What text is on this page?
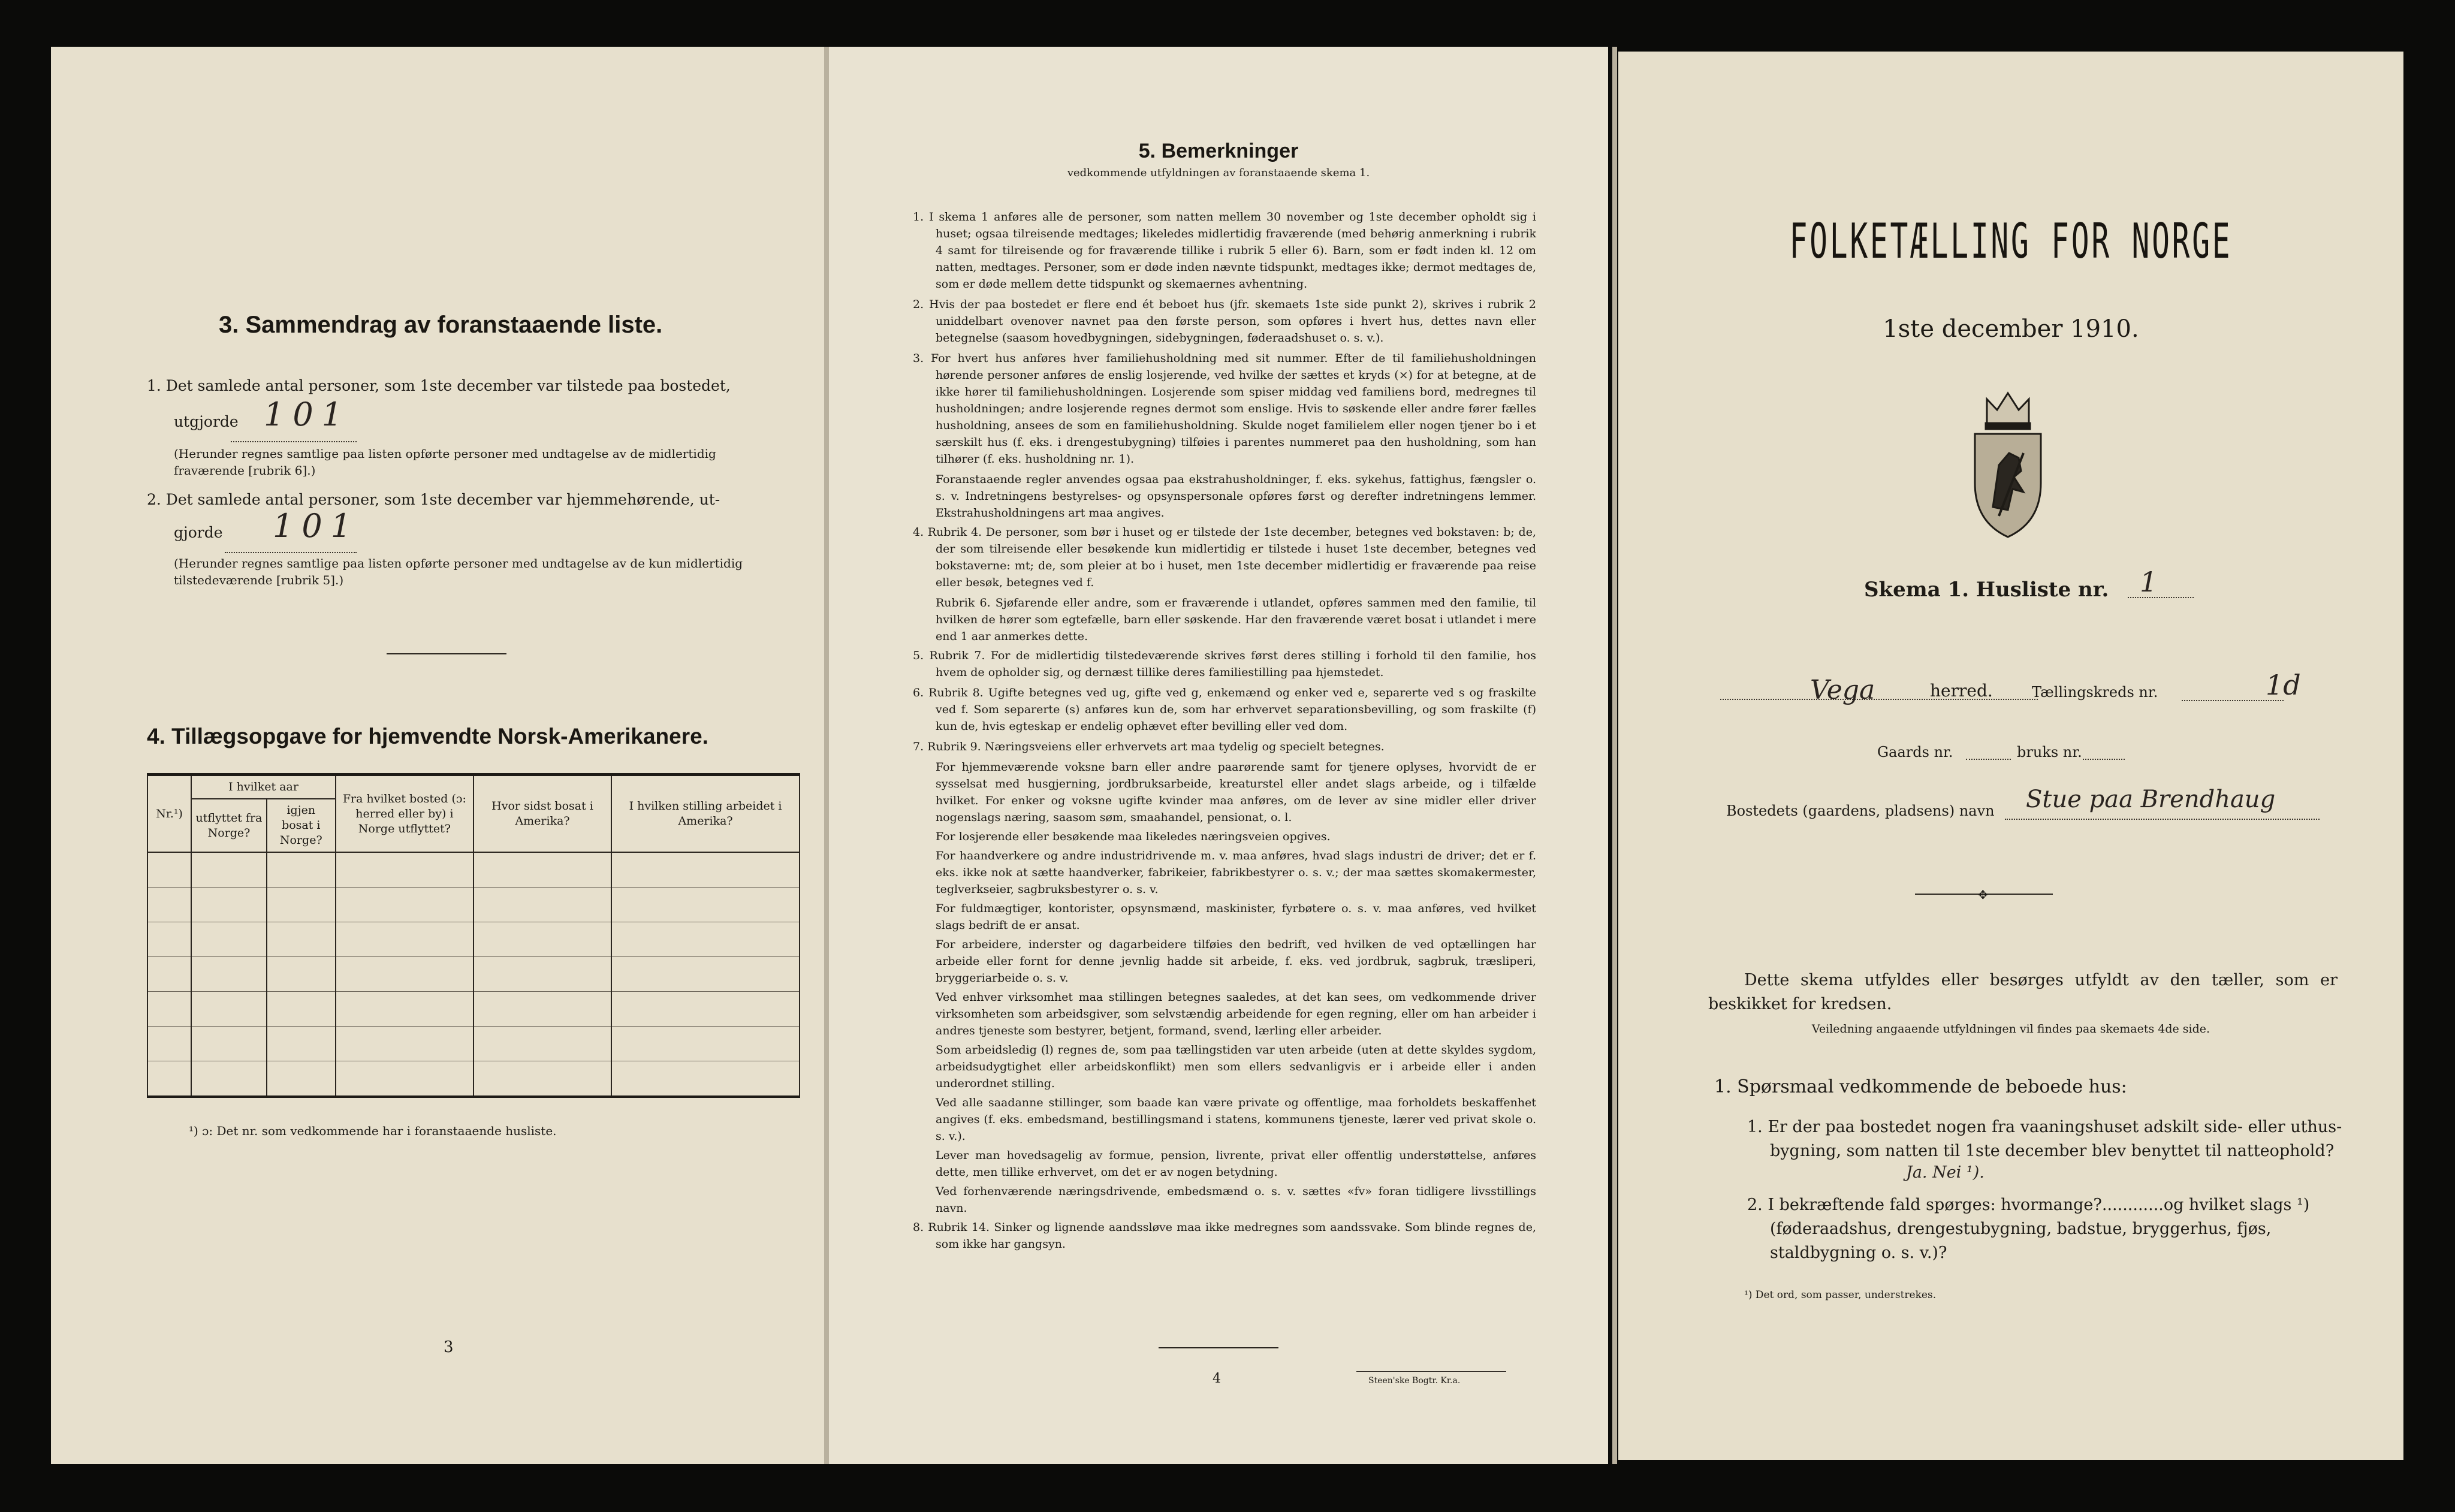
3. Sammendrag av foranstaaende liste.
1. Det samlede antal personer, som 1ste december var tilstede paa bostedet,
utgjorde 101
(Herunder regnes samtlige paa listen opførte personer med undtagelse av de midlertidig fraværende [rubrik 6].)
2. Det samlede antal personer, som 1ste december var hjemmehørende, ut-
gjorde 101
(Herunder regnes samtlige paa listen opførte personer med undtagelse av de kun midlertidig tilstedeværende [rubrik 5].)
4. Tillægsopgave for hjemvendte Norsk-Amerikanere.
Nr.¹)	I hvilket aar		Fra hvilket bosted (ɔ: herred eller by) i Norge utflyttet?	Hvor sidst bosat i Amerika?	I hvilken stilling arbeidet i Amerika?
	utflyttet fra Norge?	igjen bosat i Norge?			

¹) ɔ: Det nr. som vedkommende har i foranstaaende husliste.
3
5. Bemerkninger
vedkommende utfyldningen av foranstaaende skema 1.

1. I skema 1 anføres alle de personer, som natten mellem 30 november og 1ste december opholdt sig i huset; ogsaa tilreisende medtages; likeledes midlertidig fraværende (med behørig anmerkning i rubrik 4 samt for tilreisende og for fraværende tillike i rubrik 5 eller 6). Barn, som er født inden kl. 12 om natten, medtages. Personer, som er døde inden nævnte tidspunkt, medtages ikke; dermot medtages de, som er døde mellem dette tidspunkt og skemaernes avhentning.

2. Hvis der paa bostedet er flere end ét beboet hus (jfr. skemaets 1ste side punkt 2), skrives i rubrik 2 uniddelbart ovenover navnet paa den første person, som opføres i hvert hus, dettes navn eller betegnelse (saasom hovedbygningen, sidebygningen, føderaadshuset o. s. v.).

3. For hvert hus anføres hver familiehusholdning med sit nummer. Efter de til familiehusholdningen hørende personer anføres de enslig losjerende, ved hvilke der sættes et kryds (×) for at betegne, at de ikke hører til familiehusholdningen. Losjerende som spiser middag ved familiens bord, medregnes til husholdningen; andre losjerende regnes dermot som enslige. Hvis to søskende eller andre fører fælles husholdning, ansees de som en familiehusholdning. Skulde noget familielem eller nogen tjener bo i et særskilt hus (f. eks. i drengestubygning) tilføies i parentes nummeret paa den husholdning, som han tilhører (f. eks. husholdning nr. 1).

Foranstaaende regler anvendes ogsaa paa ekstrahusholdninger, f. eks. sykehus, fattighus, fængsler o. s. v. Indretningens bestyrelses- og opsynspersonale opføres først og derefter indretningens lemmer. Ekstrahusholdningens art maa angives.

4. Rubrik 4. De personer, som bør i huset og er tilstede der 1ste december, betegnes ved bokstaven: b; de, der som tilreisende eller besøkende kun midlertidig er tilstede i huset 1ste december, betegnes ved bokstaverne: mt; de, som pleier at bo i huset, men 1ste december midlertidig er fraværende paa reise eller besøk, betegnes ved f.

Rubrik 6. Sjøfarende eller andre, som er fraværende i utlandet, opføres sammen med den familie, til hvilken de hører som egtefælle, barn eller søskende. Har den fraværende været bosat i utlandet i mere end 1 aar anmerkes dette.

5. Rubrik 7. For de midlertidig tilstedeværende skrives først deres stilling i forhold til den familie, hos hvem de opholder sig, og dernæst tillike deres familiestilling paa hjemstedet.

6. Rubrik 8. Ugifte betegnes ved ug, gifte ved g, enkemænd og enker ved e, separerte ved s og fraskilte ved f. Som separerte (s) anføres kun de, som har erhvervet separationsbevilling, og som fraskilte (f) kun de, hvis egteskap er endelig ophævet efter bevilling eller ved dom.

7. Rubrik 9. Næringsveiens eller erhvervets art maa tydelig og specielt betegnes.

For hjemmeværende voksne barn eller andre paarørende samt for tjenere oplyses, hvorvidt de er sysselsat med husgjerning, jordbruksarbeide, kreaturstel eller andet slags arbeide, og i tilfælde hvilket. For enker og voksne ugifte kvinder maa anføres, om de lever av sine midler eller driver nogenslags næring, saasom søm, smaahandel, pensionat, o. l.

For losjerende eller besøkende maa likeledes næringsveien opgives.

For haandverkere og andre industridrivende m. v. maa anføres, hvad slags industri de driver; det er f. eks. ikke nok at sætte haandverker, fabrikeier, fabrikbestyrer o. s. v.; der maa sættes skomakermester, teglverkseier, sagbruksbestyrer o. s. v.

For fuldmægtiger, kontorister, opsynsmænd, maskinister, fyrbøtere o. s. v. maa anføres, ved hvilket slags bedrift de er ansat.

For arbeidere, inderster og dagarbeidere tilføies den bedrift, ved hvilken de ved optællingen har arbeide eller fornt for denne jevnlig hadde sit arbeide, f. eks. ved jordbruk, sagbruk, træsliperi, bryggeriarbeide o. s. v.

Ved enhver virksomhet maa stillingen betegnes saaledes, at det kan sees, om vedkommende driver virksomheten som arbeidsgiver, som selvstændig arbeidende for egen regning, eller om han arbeider i andres tjeneste som bestyrer, betjent, formand, svend, lærling eller arbeider.

Som arbeidsledig (l) regnes de, som paa tællingstiden var uten arbeide (uten at dette skyldes sygdom, arbeidsudygtighet eller arbeidskonflikt) men som ellers sedvanligvis er i arbeide eller i anden underordnet stilling.

Ved alle saadanne stillinger, som baade kan være private og offentlige, maa forholdets beskaffenhet angives (f. eks. embedsmand, bestillingsmand i statens, kommunens tjeneste, lærer ved privat skole o. s. v.).

Lever man hovedsagelig av formue, pension, livrente, privat eller offentlig understøttelse, anføres dette, men tillike erhvervet, om det er av nogen betydning.

Ved forhenværende næringsdrivende, embedsmænd o. s. v. sættes «fv» foran tidligere livsstillings navn.

8. Rubrik 14. Sinker og lignende aandssløve maa ikke medregnes som aandssvake. Som blinde regnes de, som ikke har gangsyn.

4	Steen'ske Bogtr. Kr.a.
FOLKETÆLLING FOR NORGE
1ste december 1910.
Skema 1. Husliste nr. 1
Vega	herred.	Tællingskreds nr.	1d
Gaards nr.	bruks nr.
Bostedets (gaardens, pladsens) navn Stue paa Brendhaug
✥
Dette skema utfyldes eller besørges utfyldt av den tæller, som er beskikket for kredsen.
Veiledning angaaende utfyldningen vil findes paa skemaets 4de side.
1. Spørsmaal vedkommende de beboede hus:
1. Er der paa bostedet nogen fra vaaningshuset adskilt side- eller uthus-bygning, som natten til 1ste december blev benyttet til natteophold?
Ja. Nei ¹).
2. I bekræftende fald spørges: hvormange?............og hvilket slags ¹) (føderaadshus, drengestubygning, badstue, bryggerhus, fjøs, staldbygning o. s. v.)?
¹) Det ord, som passer, understrekes.
